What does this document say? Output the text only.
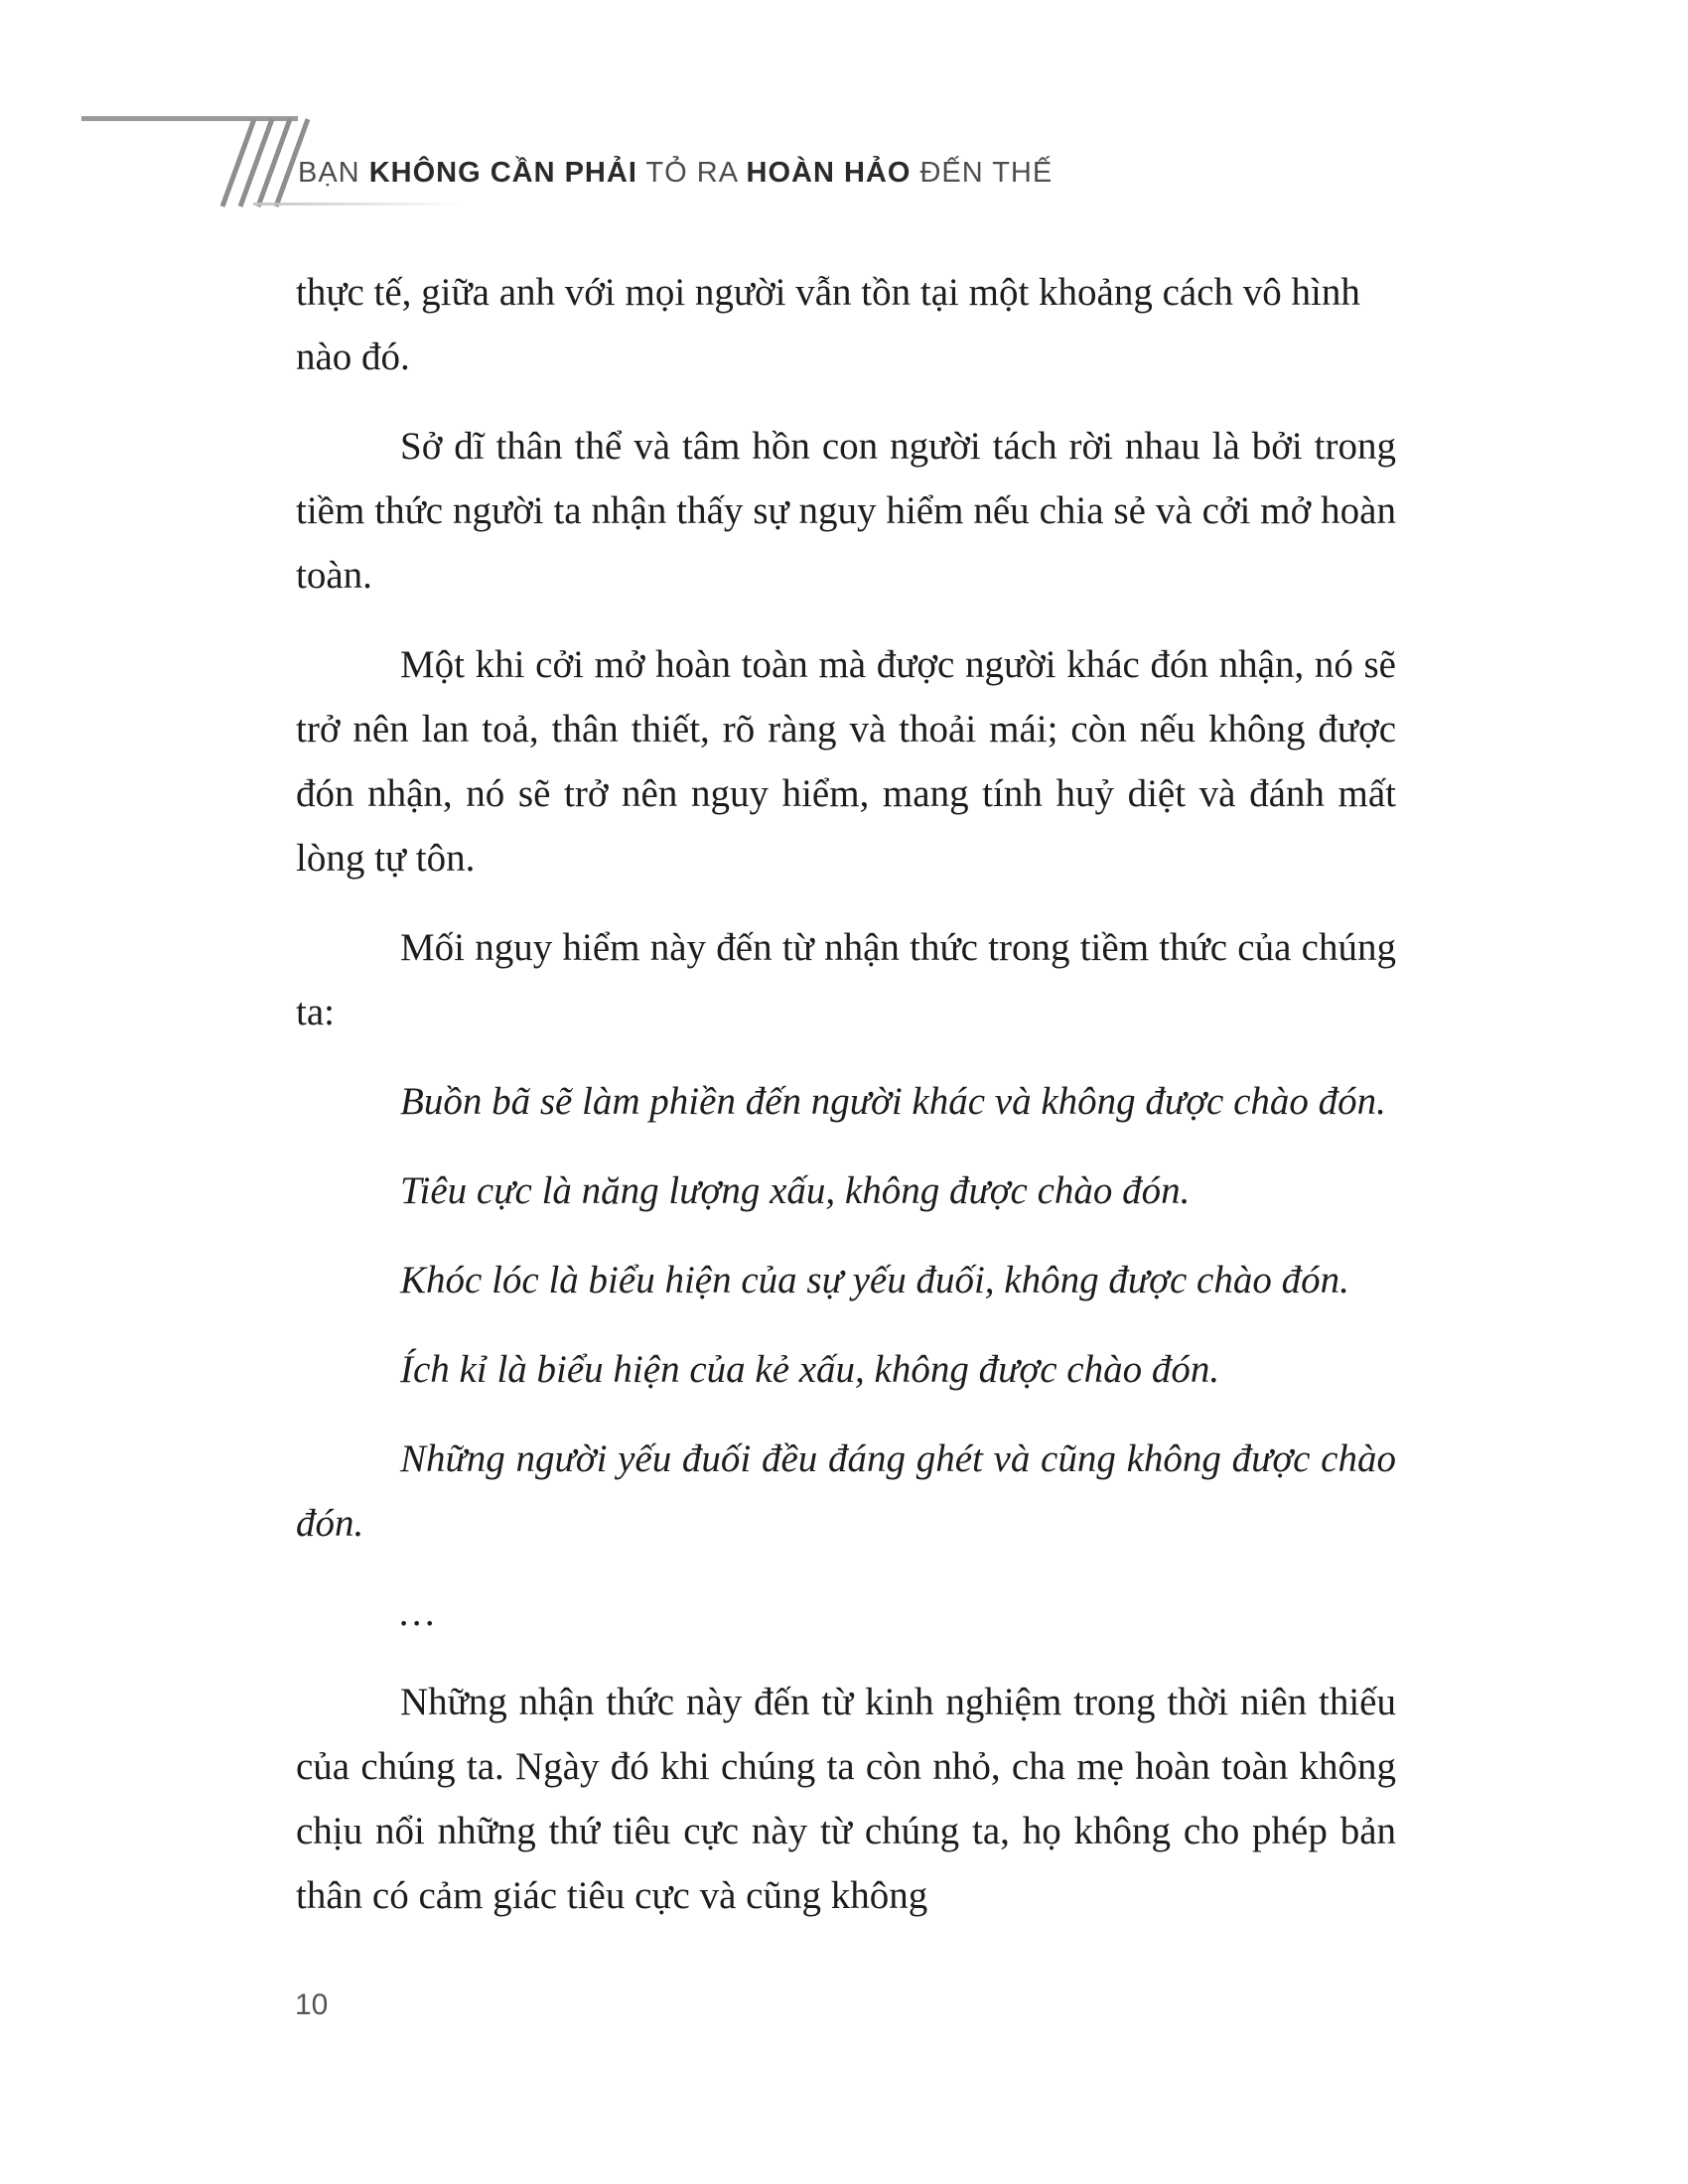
BẠN KHÔNG CẦN PHẢI TỎ RA HOÀN HẢO ĐẾN THẾ

thực tế, giữa anh với mọi người vẫn tồn tại một khoảng cách vô hình nào đó.

Sở dĩ thân thể và tâm hồn con người tách rời nhau là bởi trong tiềm thức người ta nhận thấy sự nguy hiểm nếu chia sẻ và cởi mở hoàn toàn.

Một khi cởi mở hoàn toàn mà được người khác đón nhận, nó sẽ trở nên lan toả, thân thiết, rõ ràng và thoải mái; còn nếu không được đón nhận, nó sẽ trở nên nguy hiểm, mang tính huỷ diệt và đánh mất lòng tự tôn.

Mối nguy hiểm này đến từ nhận thức trong tiềm thức của chúng ta:

Buồn bã sẽ làm phiền đến người khác và không được chào đón.

Tiêu cực là năng lượng xấu, không được chào đón.

Khóc lóc là biểu hiện của sự yếu đuối, không được chào đón.

Ích kỉ là biểu hiện của kẻ xấu, không được chào đón.

Những người yếu đuối đều đáng ghét và cũng không được chào đón.

…

Những nhận thức này đến từ kinh nghiệm trong thời niên thiếu của chúng ta. Ngày đó khi chúng ta còn nhỏ, cha mẹ hoàn toàn không chịu nổi những thứ tiêu cực này từ chúng ta, họ không cho phép bản thân có cảm giác tiêu cực và cũng không

10
